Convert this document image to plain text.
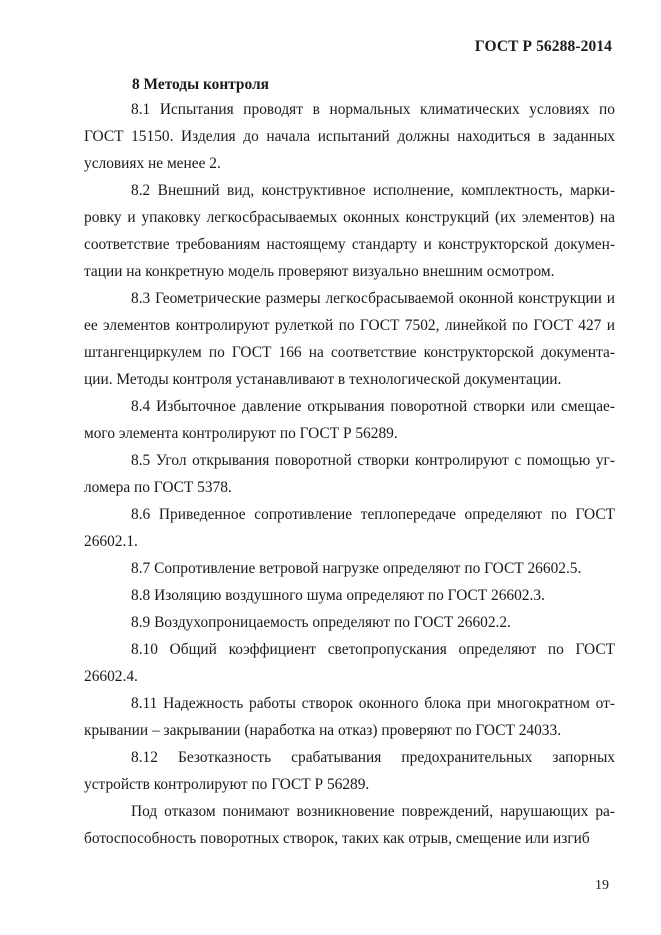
ГОСТ Р 56288-2014
8 Методы контроля

8.1 Испытания проводят в нормальных климатических условиях по ГОСТ 15150. Изделия до начала испытаний должны находиться в заданных условиях не менее 2.

8.2 Внешний вид, конструктивное исполнение, комплектность, маркировку и упаковку легкосбрасываемых оконных конструкций (их элементов) на соответствие требованиям настоящему стандарту и конструкторской документации на конкретную модель проверяют визуально внешним осмотром.

8.3 Геометрические размеры легкосбрасываемой оконной конструкции и ее элементов контролируют рулеткой по ГОСТ 7502, линейкой по ГОСТ 427 и штангенциркулем по ГОСТ 166 на соответствие конструкторской документации. Методы контроля устанавливают в технологической документации.

8.4 Избыточное давление открывания поворотной створки или смещаемого элемента контролируют по ГОСТ Р 56289.

8.5 Угол открывания поворотной створки контролируют с помощью угломера по ГОСТ 5378.

8.6 Приведенное сопротивление теплопередаче определяют по ГОСТ 26602.1.

8.7 Сопротивление ветровой нагрузке определяют по ГОСТ 26602.5.

8.8 Изоляцию воздушного шума определяют по ГОСТ 26602.3.

8.9 Воздухопроницаемость определяют по ГОСТ 26602.2.

8.10 Общий коэффициент светопропускания определяют по ГОСТ 26602.4.

8.11 Надежность работы створок оконного блока при многократном открывании – закрывании (наработка на отказ) проверяют по ГОСТ 24033.

8.12 Безотказность срабатывания предохранительных запорных устройств контролируют по ГОСТ Р 56289.

Под отказом понимают возникновение повреждений, нарушающих работоспособность поворотных створок, таких как отрыв, смещение или изгиб

19
